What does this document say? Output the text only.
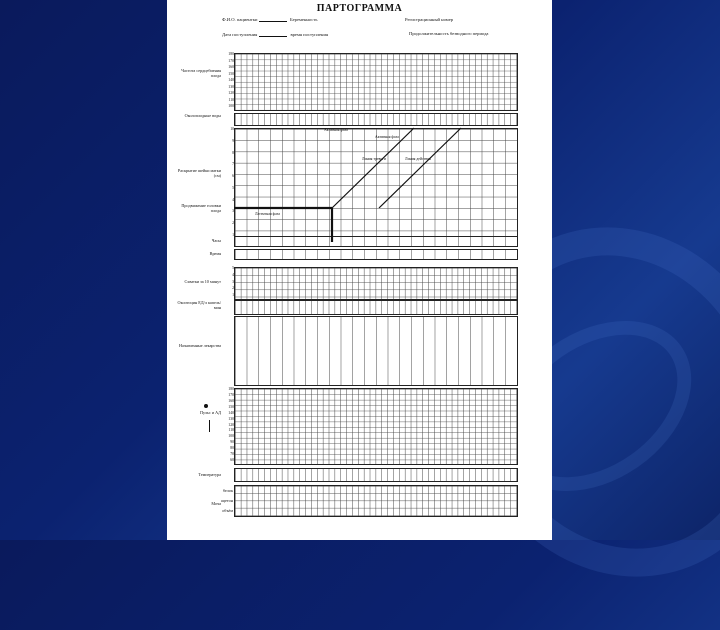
ПАРТОГРАММА
Ф.И.О. пациентки	Беременность	Регистрационный номер
Дата поступления	время поступления	Продолжительность безводного периода
Частота сердцебиения плода
180
170
160
150
140
130
120
110
100
Околоплодные воды
Раскрытие шейки матки (см)
Продвижение головки плода
10
Часы
Время
Схватки за 10 минут
Окситоцин ЕД/л капель/мин
Назначенные лекарства
Пульс и АД
180
170
160
150
140
130
120
110
100
90
80
70
60
Температура
Моча
белок
ацетон
объём
Латентная фаза
Активная фаза
Активная фаза
Линия тревоги	Линия действия
